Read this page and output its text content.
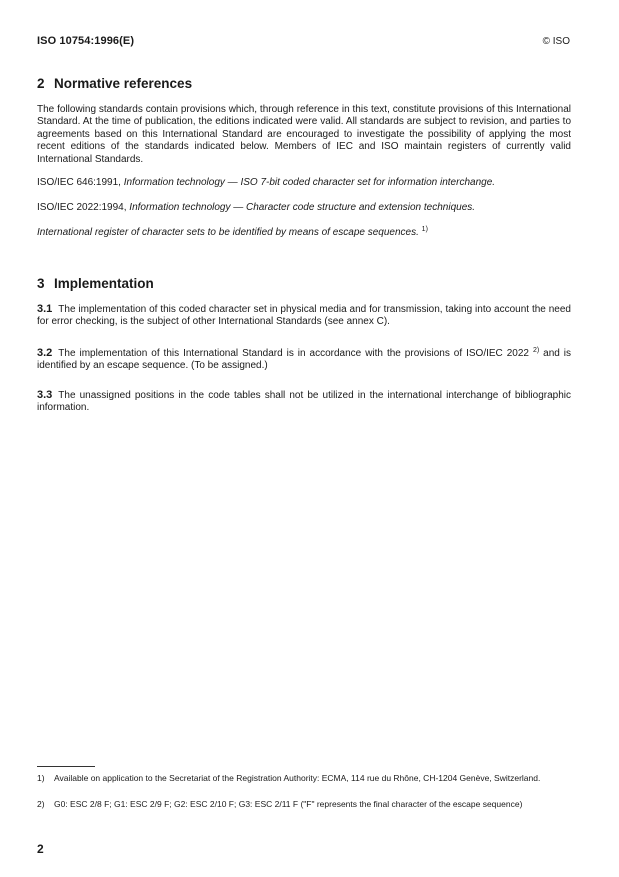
ISO 10754:1996(E)	© ISO
2 Normative references
The following standards contain provisions which, through reference in this text, constitute provisions of this International Standard. At the time of publication, the editions indicated were valid. All standards are subject to revision, and parties to agreements based on this International Standard are encouraged to investigate the possibility of applying the most recent editions of the standards indicated below. Members of IEC and ISO maintain registers of currently valid International Standards.
ISO/IEC 646:1991, Information technology — ISO 7-bit coded character set for information interchange.
ISO/IEC 2022:1994, Information technology — Character code structure and extension techniques.
International register of character sets to be identified by means of escape sequences. $^{1)}$
3 Implementation
3.1 The implementation of this coded character set in physical media and for transmission, taking into account the need for error checking, is the subject of other International Standards (see annex C).
3.2 The implementation of this International Standard is in accordance with the provisions of ISO/IEC 2022 $^{2)}$ and is identified by an escape sequence. (To be assigned.)
3.3 The unassigned positions in the code tables shall not be utilized in the international interchange of bibliographic information.
1) Available on application to the Secretariat of the Registration Authority: ECMA, 114 rue du Rhône, CH-1204 Genève, Switzerland.
2) G0: ESC 2/8 F; G1: ESC 2/9 F; G2: ESC 2/10 F; G3: ESC 2/11 F ("F" represents the final character of the escape sequence)
2
